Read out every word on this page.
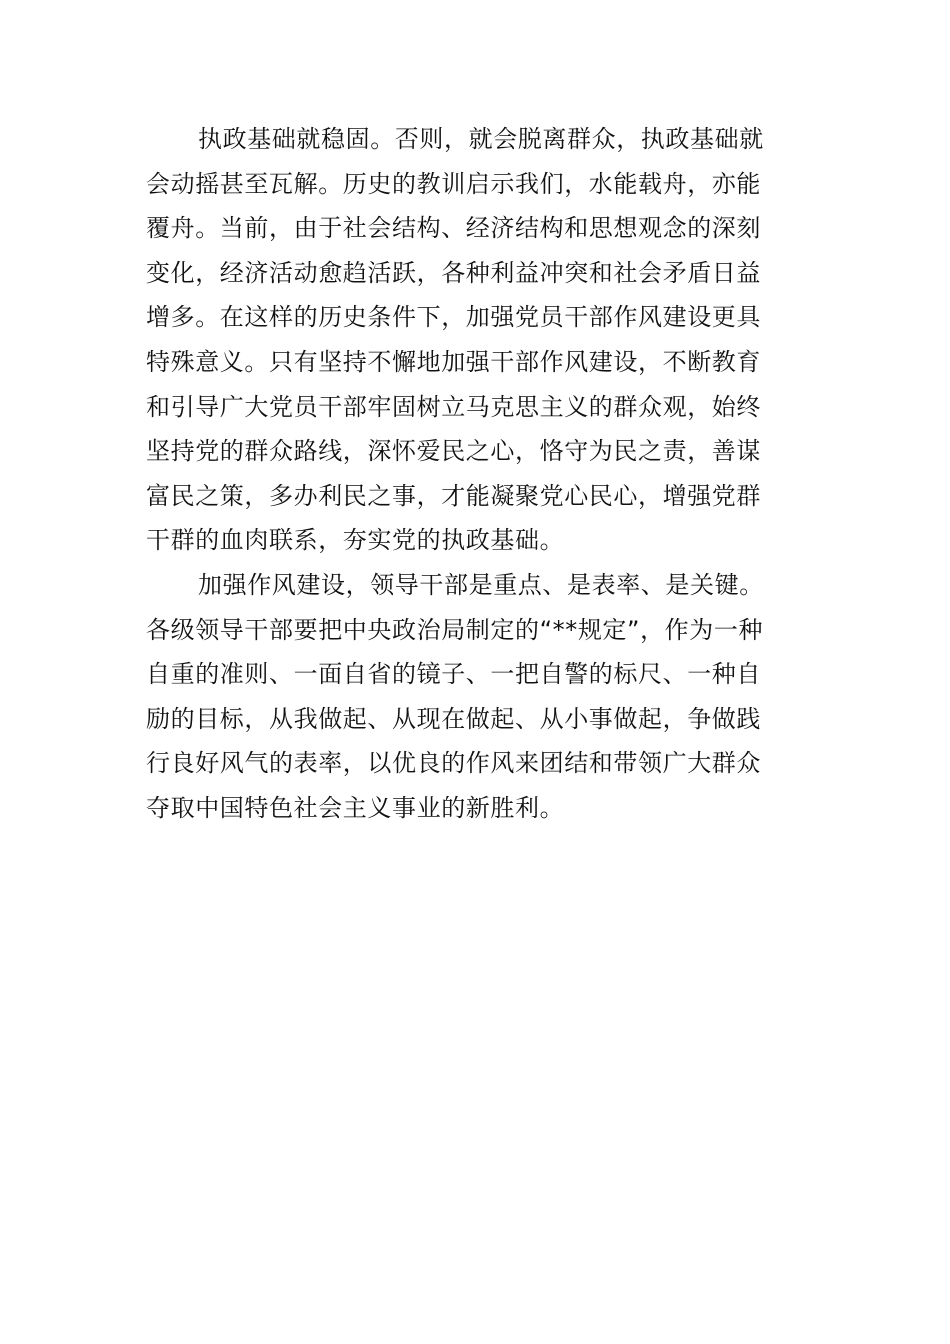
执政基础就稳固。否则，就会脱离群众，执政基础就
会动摇甚至瓦解。历史的教训启示我们，水能载舟，亦能
覆舟。当前，由于社会结构、经济结构和思想观念的深刻
变化，经济活动愈趋活跃，各种利益冲突和社会矛盾日益
增多。在这样的历史条件下，加强党员干部作风建设更具
特殊意义。只有坚持不懈地加强干部作风建设，不断教育
和引导广大党员干部牢固树立马克思主义的群众观，始终
坚持党的群众路线，深怀爱民之心，恪守为民之责，善谋
富民之策，多办利民之事，才能凝聚党心民心，增强党群
干群的血肉联系，夯实党的执政基础。
加强作风建设，领导干部是重点、是表率、是关键。
各级领导干部要把中央政治局制定的“**规定”，作为一种
自重的准则、一面自省的镜子、一把自警的标尺、一种自
励的目标，从我做起、从现在做起、从小事做起，争做践
行良好风气的表率，以优良的作风来团结和带领广大群众
夺取中国特色社会主义事业的新胜利。
